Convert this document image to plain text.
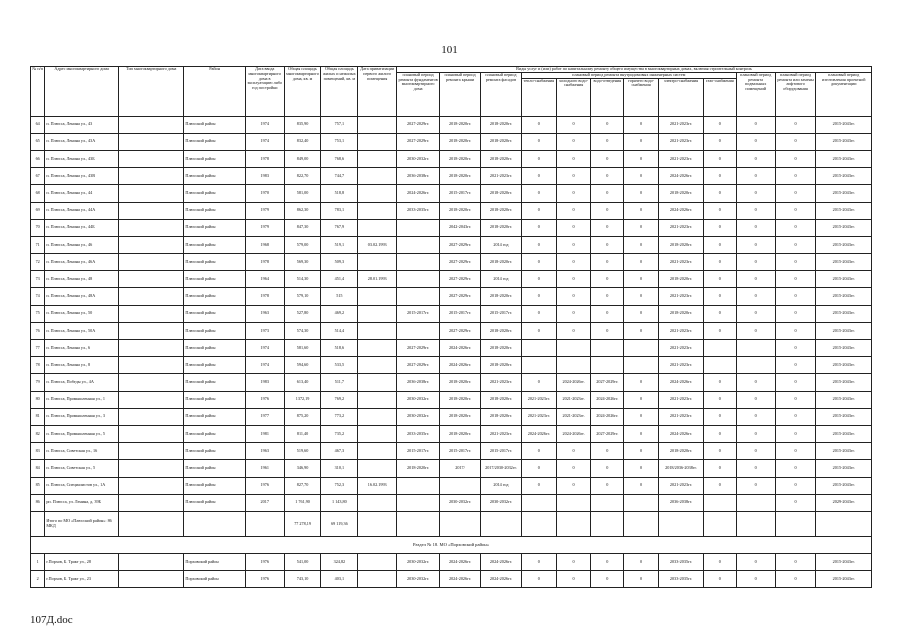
101
№ п/п	Адрес многоквартирного дома	Тип многоквартирного дома	Район	Дата ввода многоквартирного дома в эксплуатацию либо год постройки	Общая площадь многоквартирного дома, кв. м	Общая площадь жилых и нежилых помещений, кв. м	Дата приватизации первого жилого помещения	Виды услуг и (или) работ по капитальному ремонту общего имущества в многоквартирных домах, включая строительный контроль											
								плановый период ремонта фундаментов многоквартирного дома	плановый период ремонта крыши	плановый период ремонта фасадов	плановый период ремонта внутридомовых инженерных систем						плановый период ремонта подвальных помещений	плановый период ремонта или замены лифтового оборудования	плановый период изготовления проектной документации
											тепло-снабжения	холодного водо-снабжения	водо-отведения	горячего водо-снабжения	электро-снабжения	газо-снабжения			
64	п. Плюсса, Ленина ул., 43		Плюсский район	1974	835,90	757,1		2027-2029гг.	2018-2020гг.	2018-2020гг.	0	0	0	0	2021-2023гг.	0	0	0	2015-2043гг.
65	п. Плюсса, Ленина ул., 43А		Плюсский район	1974	832,40	753,1		2027-2029гг.	2018-2020гг.	2018-2020гг.	0	0	0	0	2021-2023гг.	0	0	0	2015-2043гг.
66	п. Плюсса, Ленина ул., 43Б		Плюсский район	1978	849,00	768,6		2030-2032гг.	2018-2020гг.	2018-2020гг.	0	0	0	0	2021-2023гг.	0	0	0	2015-2043гг.
67	п. Плюсса, Ленина ул., 43В		Плюсский район	1983	822,70	744,7		2036-2038гг.	2018-2020гг.	2021-2023гг.	0	0	0	0	2024-2026гг.	0	0	0	2015-2043гг.
68	п. Плюсса, Ленина ул., 44		Плюсский район	1970	581,00	518,8		2024-2026гг.	2015-2017гг.	2018-2020гг.	0	0	0	0	2018-2020гг.	0	0	0	2015-2043гг.
69	п. Плюсса, Ленина ул., 44А		Плюсский район	1979	862,30	783,1		2033-2035гг.	2018-2020гг.	2018-2020гг.	0	0	0	0	2024-2026гг.	0	0	0	2015-2043гг.
70	п. Плюсса, Ленина ул., 44Б		Плюсский район	1979	847,30	767,9			2042-2043гг.	2018-2020гг.	0	0	0	0	2021-2023гг.	0	0	0	2015-2043гг.
71	п. Плюсса, Ленина ул., 46		Плюсский район	1968	579,00	519,1	03.02.1993		2027-2029гг.	2014 год	0	0	0	0	2018-2020гг.	0	0	0	2015-2043гг.
72	п. Плюсса, Ленина ул., 46А		Плюсский район	1978	569,30	509,3			2027-2029гг.	2018-2020гг.	0	0	0	0	2021-2023гг.	0	0	0	2015-2043гг.
73	п. Плюсса, Ленина ул., 48		Плюсский район	1964	514,30	451,4	28.01.1993		2027-2029гг.	2014 год	0	0	0	0	2018-2020гг.	0	0	0	2015-2043гг.
74	п. Плюсса, Ленина ул., 48А		Плюсский район	1978	579,10	515			2027-2029гг.	2018-2020гг.	0	0	0	0	2021-2023гг.	0	0	0	2015-2043гг.
75	п. Плюсса, Ленина ул., 50		Плюсский район	1963	527,80	469,2		2015-2017гг.	2015-2017гг.	2015-2017гг.	0	0	0	0	2018-2020гг.	0	0	0	2015-2043гг.
76	п. Плюсса, Ленина ул., 50А		Плюсский район	1973	574,30	514,4			2027-2029гг.	2018-2020гг.	0	0	0	0	2021-2023гг.	0	0	0	2015-2043гг.
77	п. Плюсса, Ленина ул., 6		Плюсский район	1974	581,60	518,6		2027-2029гг.	2024-2026гг.	2018-2020гг.					2021-2023гг.			0	2015-2043гг.
78	п. Плюсса, Ленина ул., 8		Плюсский район	1974	594,60	533,5		2027-2029гг.	2024-2026гг.	2018-2020гг.					2021-2023гг.			0	2015-2043гг.
79	п. Плюсса, Победы ул., 4А		Плюсский район	1983	613,40	511,7		2036-2038гг.	2018-2020гг.	2021-2023гг.	0	2024-2026гг.	2027-2029гг.	0	2024-2026гг.	0	0	0	2015-2043гг.
80	п. Плюсса, Промышленная ул., 1		Плюсский район	1976	1372,19	769,2		2030-2032гг.	2018-2020гг.	2018-2020гг.	2021-2023гг.	2021-2023гг.	2024-2026гг.	0	2021-2023гг.	0	0	0	2015-2043гг.
81	п. Плюсса, Промышленная ул., 3		Плюсский район	1977	875,20	773,2		2030-2032гг.	2018-2020гг.	2018-2020гг.	2021-2023гг.	2021-2023гг.	2024-2026гг.	0	2021-2023гг.	0	0	0	2015-2043гг.
82	п. Плюсса, Промышленная ул., 5		Плюсский район	1981	811,40	735,2		2033-2035гг.	2018-2020гг.	2021-2023гг.	2024-2026гг.	2024-2026гг.	2027-2029гг.	0	2024-2026гг.	0	0	0	2015-2043гг.
83	п. Плюсса, Советская ул., 16		Плюсский район	1963	519,60	467,3		2015-2017гг.	2015-2017гг.	2015-2017гг.	0	0	0	0	2018-2020гг.	0	0	0	2015-2043гг.
84	п. Плюсса, Советская ул., 5		Плюсский район	1961	346,90	310,1		2018-2020гг.	2017/	2017/2030-2032гг.	0	0	0	0	2018/2036-2038гг.	0	0	0	2015-2043гг.
85	п. Плюсса, Специалистов ул., 1А		Плюсский район	1976	827,70	752,3	16.02.1993			2014 год	0	0	0	0	2021-2023гг.	0	0	0	2015-2043гг.
86	рп. Плюсса, ул. Ленина, д. 39Б		Плюсский район	2017	1 761,90	1 143,80			2030-2032гг.	2030-2032гг.					2036-2038гг.			0	2029-2043гг.
	Итого по МО «Плюсский район»: 86 МКД				77 278,19	69 119,36													
Раздел № 18. МО «Порховский район»																			
1	г.Порхов, Б. Тракт ул., 28		Порховский район	1976	541,00	324,82		2030-2032гг.	2024-2026гг.	2024-2026гг.	0	0	0	0	2033-2035гг.	0	0	0	2015-2043гг.
2	г.Порхов, Б. Тракт ул., 23		Порховский район	1976	743,10	403,1		2030-2032гг.	2024-2026гг.	2024-2026гг.	0	0	0	0	2033-2035гг.	0	0	0	2015-2043гг.
107Д.doc
